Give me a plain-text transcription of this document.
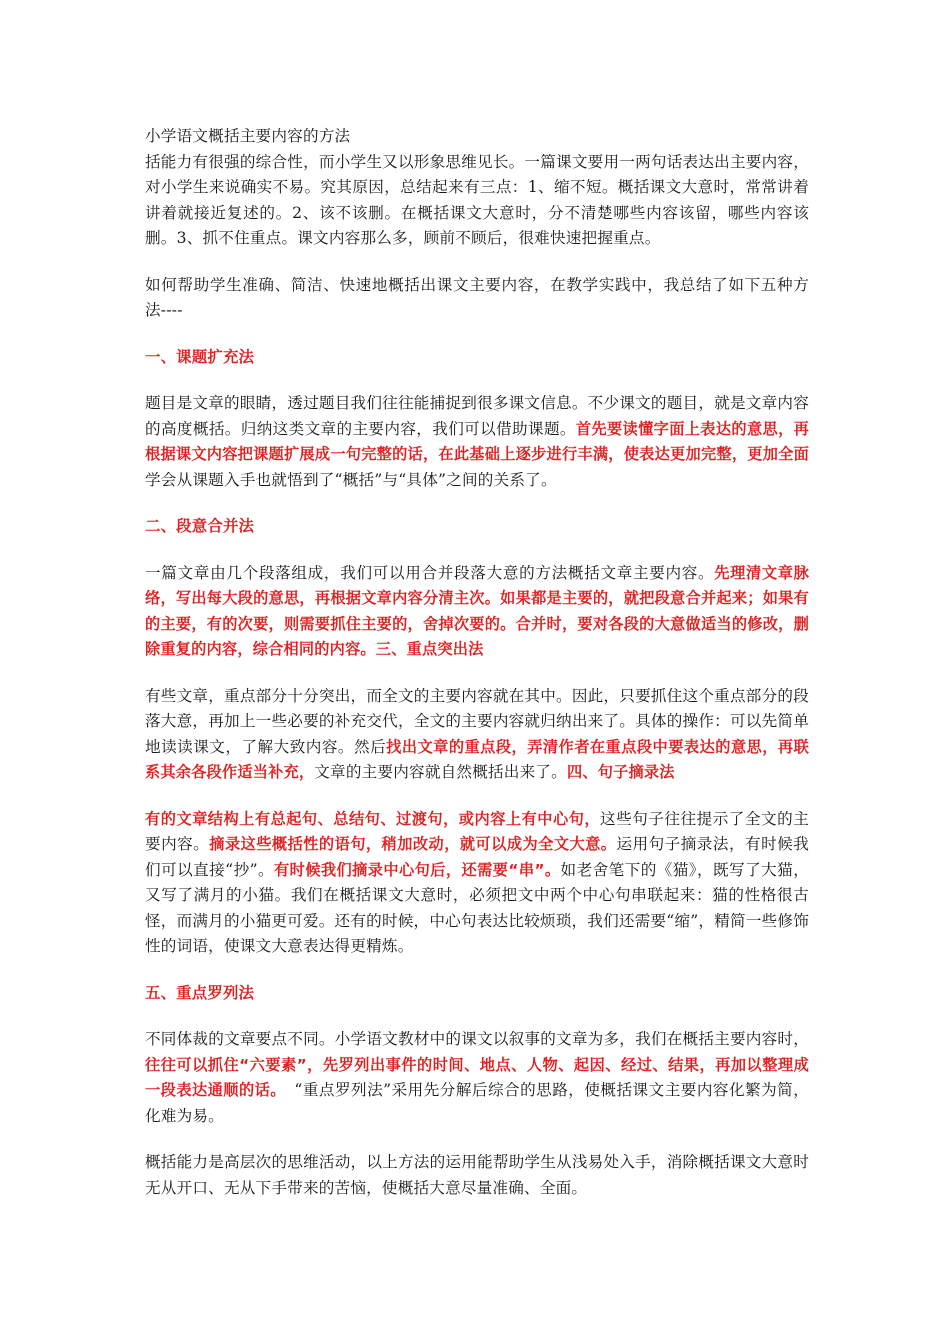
小学语文概括主要内容的方法

括能力有很强的综合性，而小学生又以形象思维见长。一篇课文要用一两句话表达出主要内容，对小学生来说确实不易。究其原因，总结起来有三点：1、缩不短。概括课文大意时，常常讲着讲着就接近复述的。2、该不该删。在概括课文大意时，分不清楚哪些内容该留，哪些内容该删。3、抓不住重点。课文内容那么多，顾前不顾后，很难快速把握重点。

如何帮助学生准确、简洁、快速地概括出课文主要内容，在教学实践中，我总结了如下五种方法----

一、课题扩充法

题目是文章的眼睛，透过题目我们往往能捕捉到很多课文信息。不少课文的题目，就是文章内容的高度概括。归纳这类文章的主要内容，我们可以借助课题。首先要读懂字面上表达的意思，再根据课文内容把课题扩展成一句完整的话，在此基础上逐步进行丰满，使表达更加完整，更加全面学会从课题入手也就悟到了“概括”与“具体”之间的关系了。

二、段意合并法

一篇文章由几个段落组成，我们可以用合并段落大意的方法概括文章主要内容。先理清文章脉络，写出每大段的意思，再根据文章内容分清主次。如果都是主要的，就把段意合并起来；如果有的主要，有的次要，则需要抓住主要的，舍掉次要的。合并时，要对各段的大意做适当的修改，删除重复的内容，综合相同的内容。三、重点突出法

有些文章，重点部分十分突出，而全文的主要内容就在其中。因此，只要抓住这个重点部分的段落大意，再加上一些必要的补充交代，全文的主要内容就归纳出来了。具体的操作：可以先简单地读读课文，了解大致内容。然后找出文章的重点段，弄清作者在重点段中要表达的意思，再联系其余各段作适当补充，文章的主要内容就自然概括出来了。四、句子摘录法

有的文章结构上有总起句、总结句、过渡句，或内容上有中心句，这些句子往往提示了全文的主要内容。摘录这些概括性的语句，稍加改动，就可以成为全文大意。运用句子摘录法，有时候我们可以直接“抄”。有时候我们摘录中心句后，还需要“串”。如老舍笔下的《猫》，既写了大猫，又写了满月的小猫。我们在概括课文大意时，必须把文中两个中心句串联起来：猫的性格很古怪，而满月的小猫更可爱。还有的时候，中心句表达比较烦琐，我们还需要“缩”，精简一些修饰性的词语，使课文大意表达得更精炼。

五、重点罗列法

不同体裁的文章要点不同。小学语文教材中的课文以叙事的文章为多，我们在概括主要内容时，往往可以抓住“六要素”，先罗列出事件的时间、地点、人物、起因、经过、结果，再加以整理成一段表达通顺的话。　“重点罗列法”采用先分解后综合的思路，使概括课文主要内容化繁为简，化难为易。

概括能力是高层次的思维活动，以上方法的运用能帮助学生从浅易处入手，消除概括课文大意时无从开口、无从下手带来的苦恼，使概括大意尽量准确、全面。
